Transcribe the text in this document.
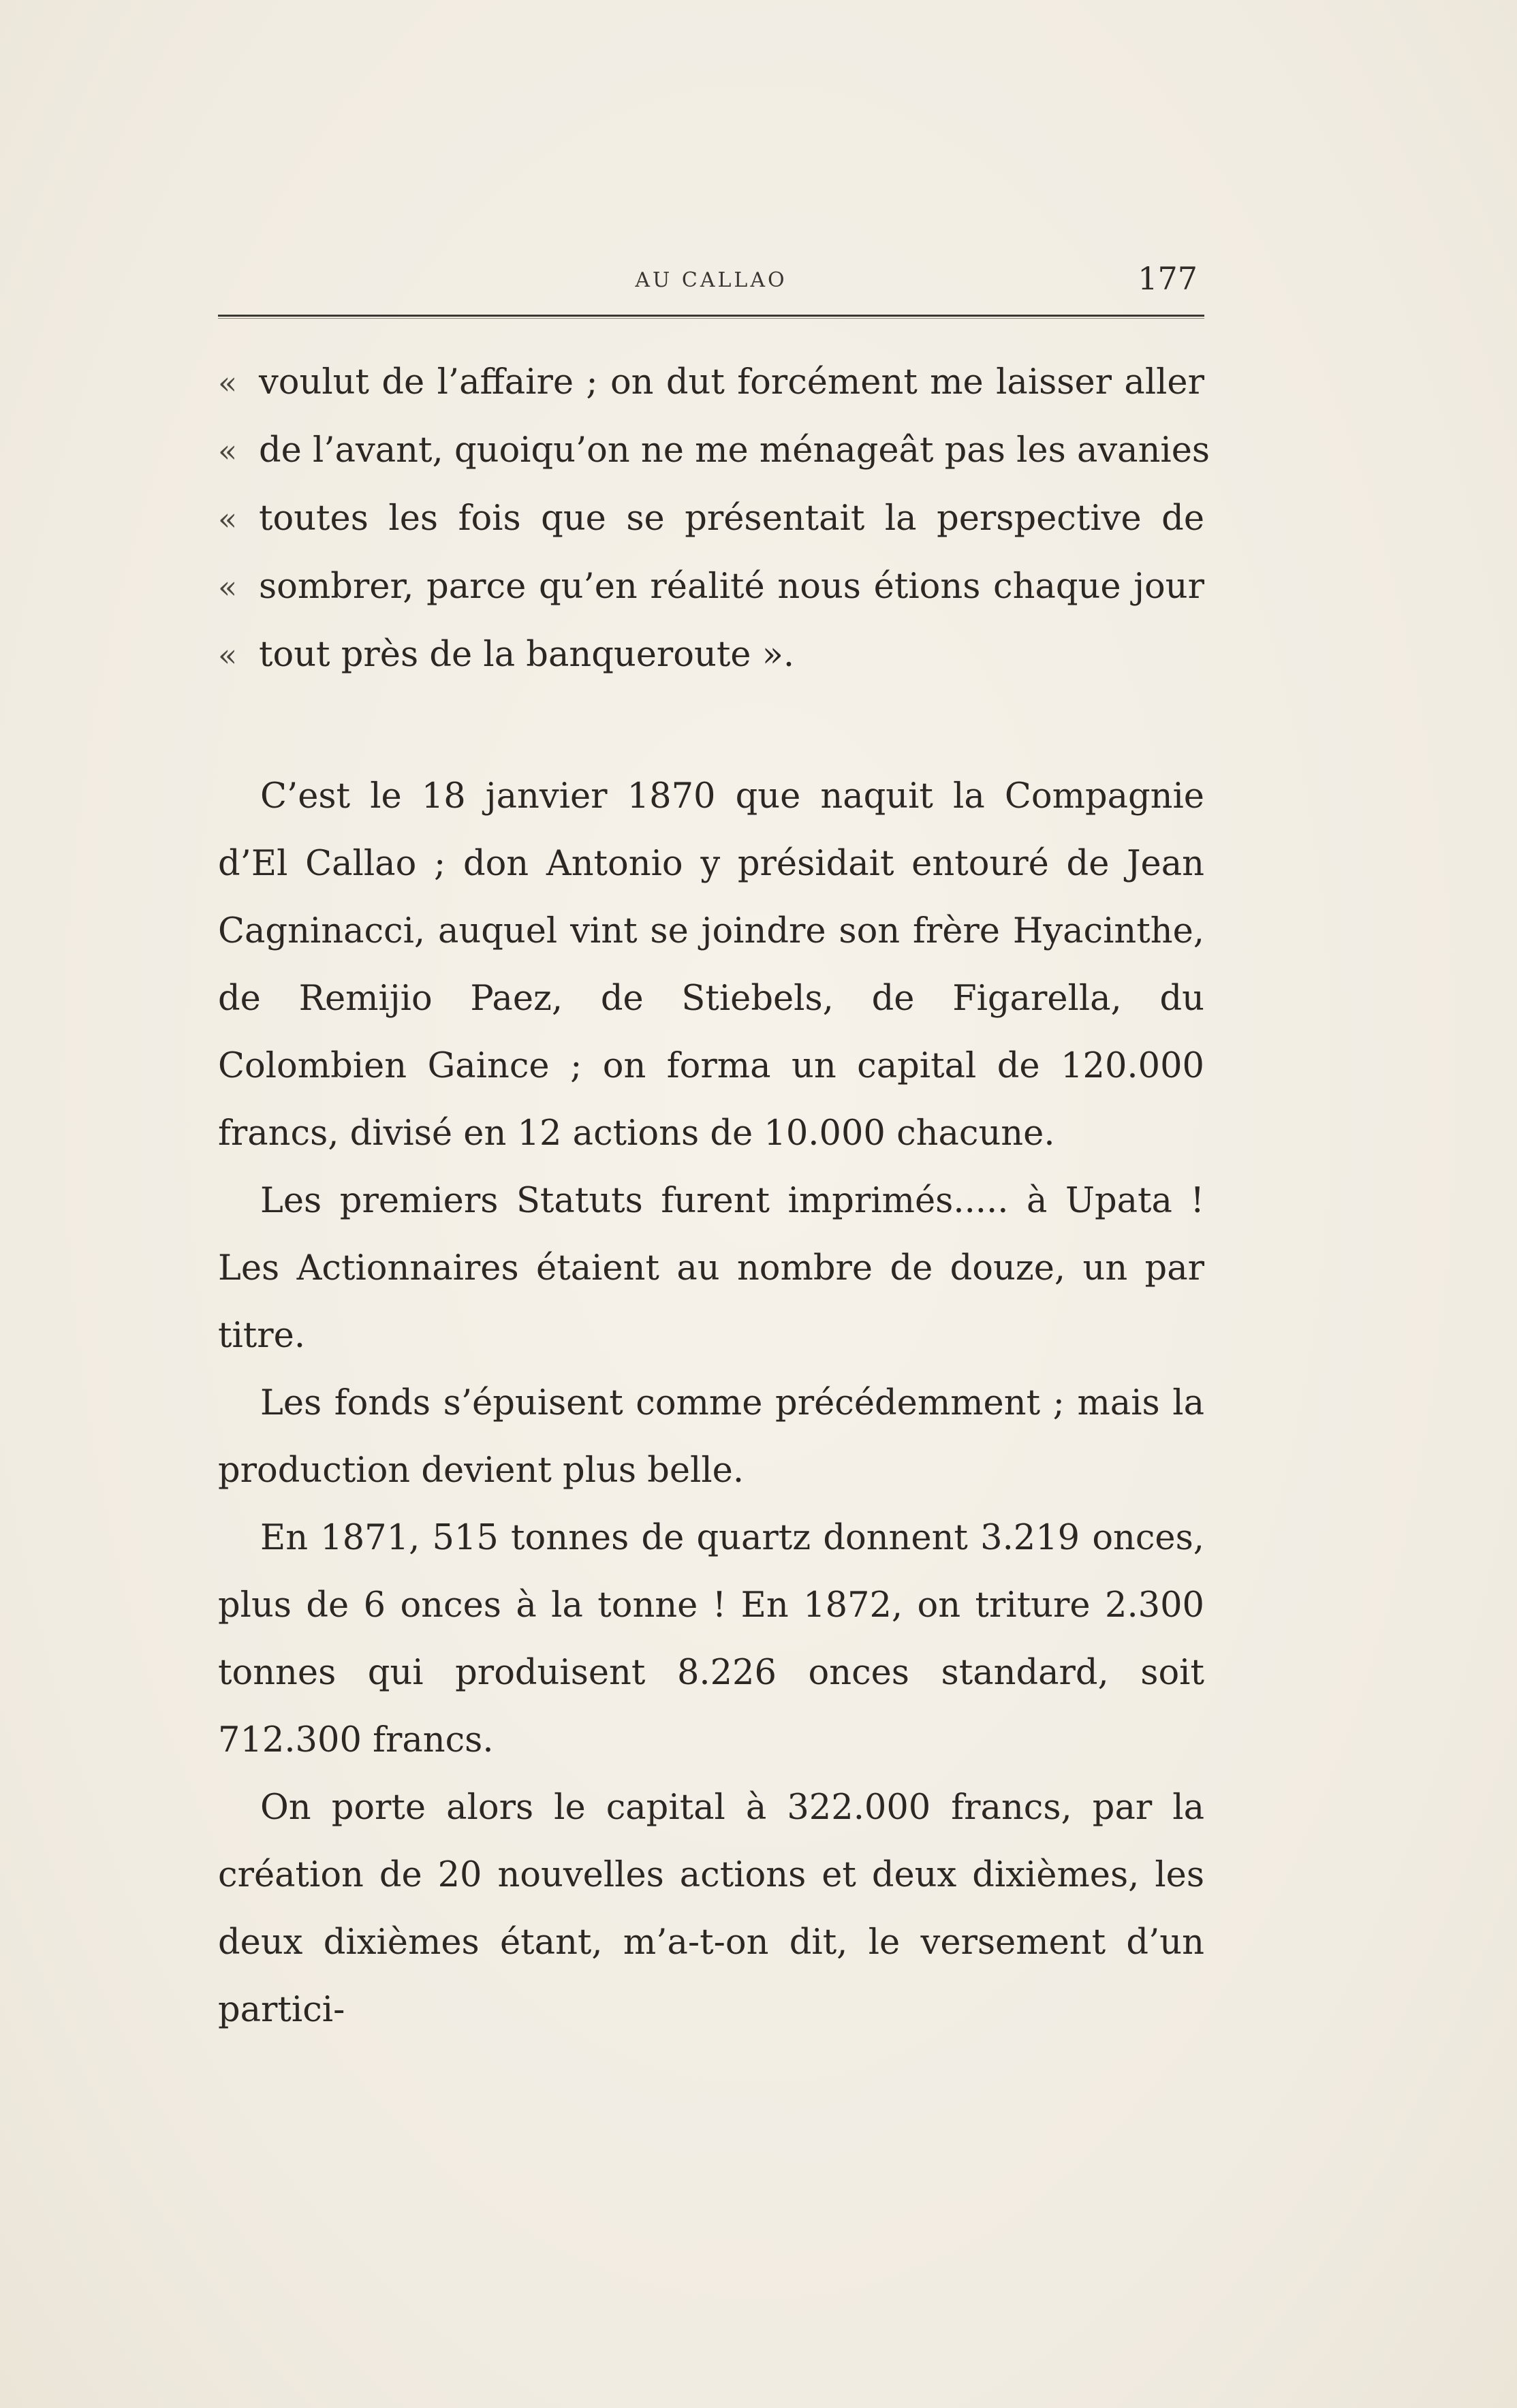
AU CALLAO	177
« voulut de l’affaire ; on dut forcément me laisser aller
« de l’avant, quoiqu’on ne me ménageât pas les avanies
« toutes les fois que se présentait la perspective de
« sombrer, parce qu’en réalité nous étions chaque jour
« tout près de la banqueroute ».

C’est le 18 janvier 1870 que naquit la Compagnie d’El Callao ; don Antonio y présidait entouré de Jean Cagninacci, auquel vint se joindre son frère Hyacinthe, de Remijio Paez, de Stiebels, de Figarella, du Colombien Gaince ; on forma un capital de 120.000 francs, divisé en 12 actions de 10.000 chacune.

Les premiers Statuts furent imprimés..... à Upata ! Les Actionnaires étaient au nombre de douze, un par titre.

Les fonds s’épuisent comme précédemment ; mais la production devient plus belle.

En 1871, 515 tonnes de quartz donnent 3.219 onces, plus de 6 onces à la tonne ! En 1872, on triture 2.300 tonnes qui produisent 8.226 onces standard, soit 712.300 francs.

On porte alors le capital à 322.000 francs, par la création de 20 nouvelles actions et deux dixièmes, les deux dixièmes étant, m’a-t-on dit, le versement d’un partici-
